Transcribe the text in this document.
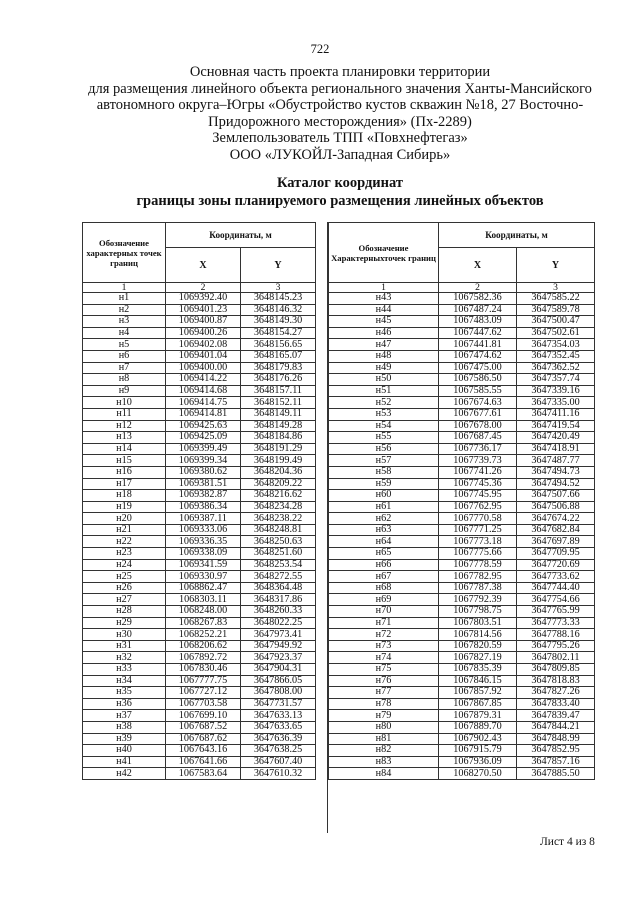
722
Основная часть проекта планировки территории
для размещения линейного объекта регионального значения Ханты-Мансийского
автономного округа–Югры «Обустройство кустов скважин №18, 27 Восточно-
Придорожного месторождения» (Пх-2289)
Землепользователь ТПП «Повхнефтегаз»
ООО «ЛУКОЙЛ-Западная Сибирь»
Каталог координат
границы зоны планируемого размещения линейных объектов
Обозначение характерных точек границ	Координаты, м	
	X	Y
1	2	3
н1	1069392.40	3648145.23
н2	1069401.23	3648146.32
н3	1069400.87	3648149.30
н4	1069400.26	3648154.27
н5	1069402.08	3648156.65
н6	1069401.04	3648165.07
н7	1069400.00	3648179.83
н8	1069414.22	3648176.26
н9	1069414.68	3648157.11
н10	1069414.75	3648152.11
н11	1069414.81	3648149.11
н12	1069425.63	3648149.28
н13	1069425.09	3648184.86
н14	1069399.49	3648191.29
н15	1069399.34	3648199.49
н16	1069380.62	3648204.36
н17	1069381.51	3648209.22
н18	1069382.87	3648216.62
н19	1069386.34	3648234.28
н20	1069387.11	3648238.22
н21	1069333.06	3648248.81
н22	1069336.35	3648250.63
н23	1069338.09	3648251.60
н24	1069341.59	3648253.54
н25	1069330.97	3648272.55
н26	1068862.47	3648364.48
н27	1068303.11	3648317.86
н28	1068248.00	3648260.33
н29	1068267.83	3648022.25
н30	1068252.21	3647973.41
н31	1068206.62	3647949.92
н32	1067892.72	3647923.37
н33	1067830.46	3647904.31
н34	1067777.75	3647866.05
н35	1067727.12	3647808.00
н36	1067703.58	3647731.57
н37	1067699.10	3647633.13
н38	1067687.52	3647633.65
н39	1067687.62	3647636.39
н40	1067643.16	3647638.25
н41	1067641.66	3647607.40
н42	1067583.64	3647610.32
Обозначение Характерныхточек границ	Координаты, м	
	X	Y
1	2	3
н43	1067582.36	3647585.22
н44	1067487.24	3647589.78
н45	1067483.09	3647500.47
н46	1067447.62	3647502.61
н47	1067441.81	3647354.03
н48	1067474.62	3647352.45
н49	1067475.00	3647362.52
н50	1067586.50	3647357.74
н51	1067585.55	3647339.16
н52	1067674.63	3647335.00
н53	1067677.61	3647411.16
н54	1067678.00	3647419.54
н55	1067687.45	3647420.49
н56	1067736.17	3647418.91
н57	1067739.73	3647487.77
н58	1067741.26	3647494.73
н59	1067745.36	3647494.52
н60	1067745.95	3647507.66
н61	1067762.95	3647506.88
н62	1067770.58	3647674.22
н63	1067771.25	3647682.84
н64	1067773.18	3647697.89
н65	1067775.66	3647709.95
н66	1067778.59	3647720.69
н67	1067782.95	3647733.62
н68	1067787.38	3647744.40
н69	1067792.39	3647754.66
н70	1067798.75	3647765.99
н71	1067803.51	3647773.33
н72	1067814.56	3647788.16
н73	1067820.59	3647795.26
н74	1067827.19	3647802.11
н75	1067835.39	3647809.85
н76	1067846.15	3647818.83
н77	1067857.92	3647827.26
н78	1067867.85	3647833.40
н79	1067879.31	3647839.47
н80	1067889.70	3647844.21
н81	1067902.43	3647848.99
н82	1067915.79	3647852.95
н83	1067936.09	3647857.16
н84	1068270.50	3647885.50
Лист 4 из 8
